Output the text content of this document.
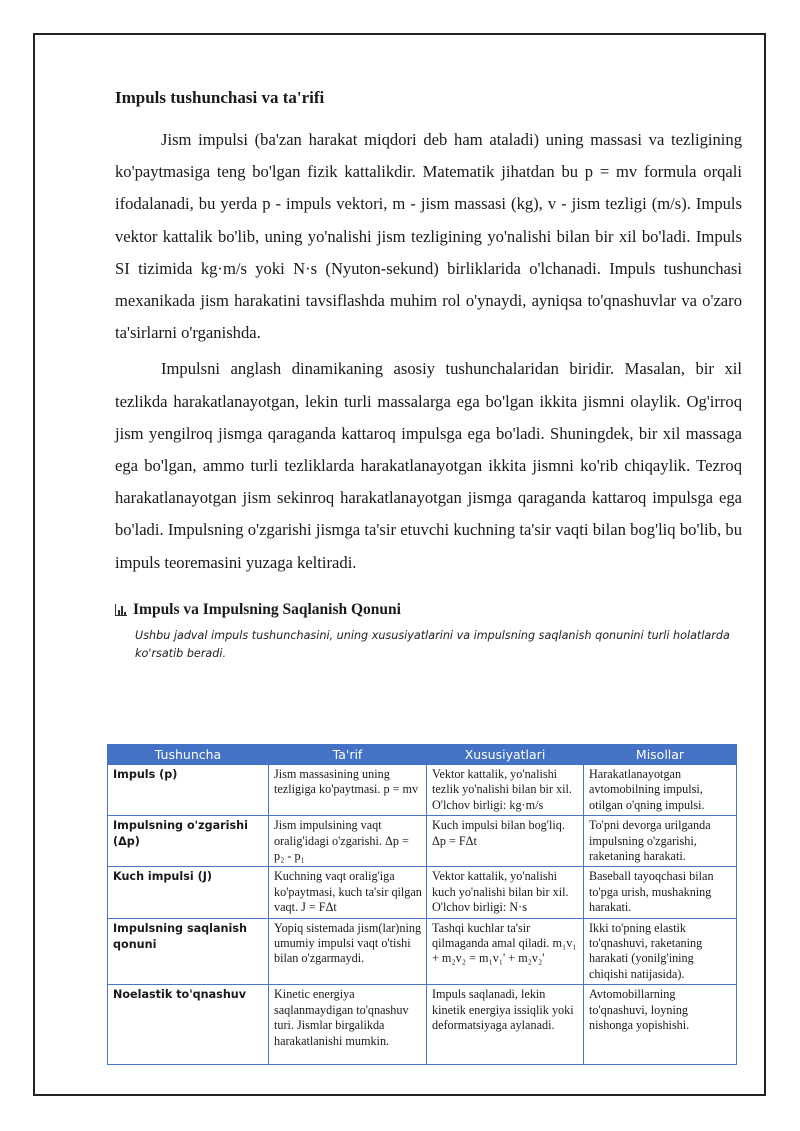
Impuls tushunchasi va ta'rifi

Jism impulsi (ba'zan harakat miqdori deb ham ataladi) uning massasi va tezligining ko'paytmasiga teng bo'lgan fizik kattalikdir. Matematik jihatdan bu p = mv formula orqali ifodalanadi, bu yerda p - impuls vektori, m - jism massasi (kg), v - jism tezligi (m/s). Impuls vektor kattalik bo'lib, uning yo'nalishi jism tezligining yo'nalishi bilan bir xil bo'ladi. Impuls SI tizimida kg·m/s yoki N·s (Nyuton-sekund) birliklarida o'lchanadi. Impuls tushunchasi mexanikada jism harakatini tavsiflashda muhim rol o'ynaydi, ayniqsa to'qnashuvlar va o'zaro ta'sirlarni o'rganishda.

Impulsni anglash dinamikaning asosiy tushunchalaridan biridir. Masalan, bir xil tezlikda harakatlanayotgan, lekin turli massalarga ega bo'lgan ikkita jismni olaylik. Og'irroq jism yengilroq jismga qaraganda kattaroq impulsga ega bo'ladi. Shuningdek, bir xil massaga ega bo'lgan, ammo turli tezliklarda harakatlanayotgan ikkita jismni ko'rib chiqaylik. Tezroq harakatlanayotgan jism sekinroq harakatlanayotgan jismga qaraganda kattaroq impulsga ega bo'ladi. Impulsning o'zgarishi jismga ta'sir etuvchi kuchning ta'sir vaqti bilan bog'liq bo'lib, bu impuls teoremasini yuzaga keltiradi.

Impuls va Impulsning Saqlanish Qonuni
Ushbu jadval impuls tushunchasini, uning xususiyatlarini va impulsning saqlanish qonunini turli holatlarda ko'rsatib beradi.
Tushuncha	Ta'rif	Xususiyatlari	Misollar
Impuls (p)	Jism massasining uning tezligiga ko'paytmasi. p = mv	Vektor kattalik, yo'nalishi tezlik yo'nalishi bilan bir xil. O'lchov birligi: kg·m/s	Harakatlanayotgan avtomobilning impulsi, otilgan o'qning impulsi.
Impulsning o'zgarishi (Δp)	Jism impulsining vaqt oralig'idagi o'zgarishi. Δp = p₂ - p₁	Kuch impulsi bilan bog'liq. Δp = FΔt	To'pni devorga urilganda impulsning o'zgarishi, raketaning harakati.
Kuch impulsi (J)	Kuchning vaqt oralig'iga ko'paytmasi, kuch ta'sir qilgan vaqt. J = FΔt	Vektor kattalik, yo'nalishi kuch yo'nalishi bilan bir xil. O'lchov birligi: N·s	Baseball tayoqchasi bilan to'pga urish, mushakning harakati.
Impulsning saqlanish qonuni	Yopiq sistemada jism(lar)ning umumiy impulsi vaqt o'tishi bilan o'zgarmaydi.	Tashqi kuchlar ta'sir qilmaganda amal qiladi. m₁v₁ + m₂v₂ = m₁v₁' + m₂v₂'	Ikki to'pning elastik to'qnashuvi, raketaning harakati (yonilg'ining chiqishi natijasida).
Noelastik to'qnashuv	Kinetic energiya saqlanmaydigan to'qnashuv turi. Jismlar birgalikda harakatlanishi mumkin.	Impuls saqlanadi, lekin kinetik energiya issiqlik yoki deformatsiyaga aylanadi.	Avtomobillarning to'qnashuvi, loyning nishonga yopishishi.
